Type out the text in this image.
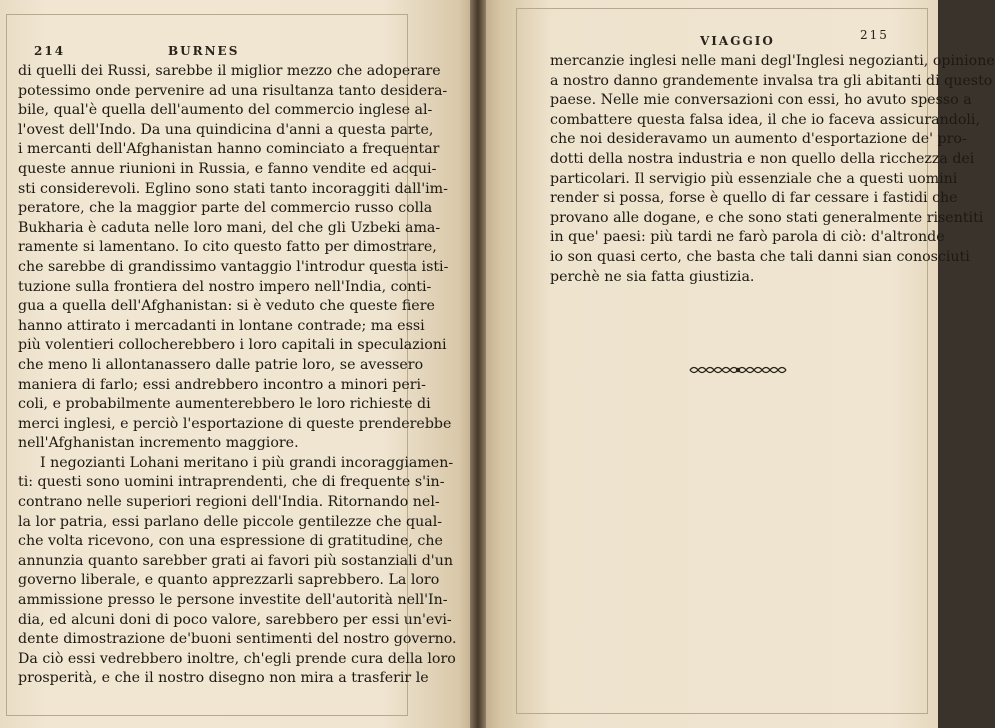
214	BURNES
di quelli dei Russi, sarebbe il miglior mezzo che adoperare
potessimo onde pervenire ad una risultanza tanto desidera-
bile, qual'è quella dell'aumento del commercio inglese al-
l'ovest dell'Indo. Da una quindicina d'anni a questa parte,
i mercanti dell'Afghanistan hanno cominciato a frequentar
queste annue riunioni in Russia, e fanno vendite ed acqui-
sti considerevoli. Eglino sono stati tanto incoraggiti dall'im-
peratore, che la maggior parte del commercio russo colla
Bukharia è caduta nelle loro mani, del che gli Uzbeki ama-
ramente si lamentano. Io cito questo fatto per dimostrare,
che sarebbe di grandissimo vantaggio l'introdur questa isti-
tuzione sulla frontiera del nostro impero nell'India, conti-
gua a quella dell'Afghanistan: si è veduto che queste fiere
hanno attirato i mercadanti in lontane contrade; ma essi
più volentieri collocherebbero i loro capitali in speculazioni
che meno li allontanassero dalle patrie loro, se avessero
maniera di farlo; essi andrebbero incontro a minori peri-
coli, e probabilmente aumenterebbero le loro richieste di
merci inglesi, e perciò l'esportazione di queste prenderebbe
nell'Afghanistan incremento maggiore.
I negozianti Lohani meritano i più grandi incoraggiamen-
ti: questi sono uomini intraprendenti, che di frequente s'in-
contrano nelle superiori regioni dell'India. Ritornando nel-
la lor patria, essi parlano delle piccole gentilezze che qual-
che volta ricevono, con una espressione di gratitudine, che
annunzia quanto sarebber grati ai favori più sostanziali d'un
governo liberale, e quanto apprezzarli saprebbero. La loro
ammissione presso le persone investite dell'autorità nell'In-
dia, ed alcuni doni di poco valore, sarebbero per essi un'evi-
dente dimostrazione de'buoni sentimenti del nostro governo.
Da ciò essi vedrebbero inoltre, ch'egli prende cura della loro
prosperità, e che il nostro disegno non mira a trasferir le
VIAGGIO	215
mercanzie inglesi nelle mani degl'Inglesi negozianti, opinione
a nostro danno grandemente invalsa tra gli abitanti di questo
paese. Nelle mie conversazioni con essi, ho avuto spesso a
combattere questa falsa idea, il che io faceva assicurandoli,
che noi desideravamo un aumento d'esportazione de' pro-
dotti della nostra industria e non quello della ricchezza dei
particolari. Il servigio più essenziale che a questi uomini
render si possa, forse è quello di far cessare i fastidi che
provano alle dogane, e che sono stati generalmente risentiti
in que' paesi: più tardi ne farò parola di ciò: d'altronde
io son quasi certo, che basta che tali danni sian conosciuti
perchè ne sia fatta giustizia.
